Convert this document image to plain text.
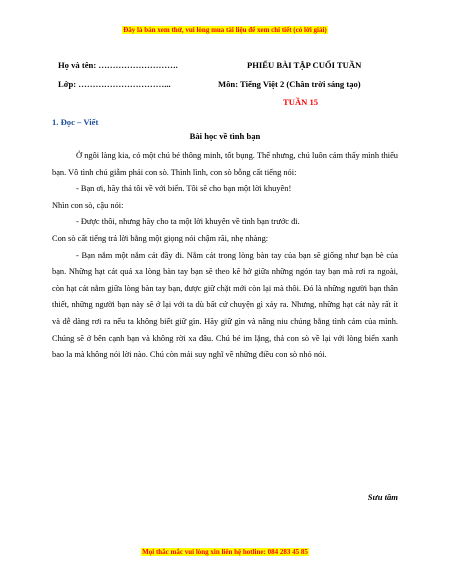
Đây là bản xem thử, vui lòng mua tài liệu để xem chi tiết (có lời giải)
Họ và tên: ……………………….
Lớp: …………………………...
PHIẾU BÀI TẬP CUỐI TUẦN
Môn: Tiếng Việt 2 (Chân trời sáng tạo)
TUẦN 15
1. Đọc – Viết
Bài học về tình bạn

Ở ngôi làng kia, có một chú bé thông minh, tốt bụng. Thế nhưng, chú luôn cảm thấy mình thiếu bạn. Vô tình chú giẫm phải con sò. Thình lình, con sò bỗng cất tiếng nói:

- Bạn ơi, hãy thả tôi về với biển. Tôi sẽ cho bạn một lời khuyên!

Nhìn con sò, cậu nói:

- Được thôi, nhưng hãy cho ta một lời khuyên về tình bạn trước đi.

Con sò cất tiếng trả lời bằng một giọng nói chậm rãi, nhẹ nhàng:

- Bạn nắm một nắm cát đầy đi. Nắm cát trong lòng bàn tay của bạn sẽ giống như bạn bè của bạn. Những hạt cát quá xa lòng bàn tay bạn sẽ theo kẽ hở giữa những ngón tay bạn mà rơi ra ngoài, còn hạt cát nằm giữa lòng bàn tay bạn, được giữ chặt mới còn lại mà thôi. Đó là những người bạn thân thiết, những người bạn này sẽ ở lại với ta dù bất cứ chuyện gì xảy ra. Nhưng, những hạt cát này rất ít và dễ dàng rơi ra nếu ta không biết giữ gìn. Hãy giữ gìn và nâng niu chúng bằng tình cảm của mình. Chúng sẽ ở bên cạnh bạn và không rời xa đâu. Chú bé im lặng, thả con sò về lại với lòng biển xanh bao la mà không nói lời nào. Chú còn mải suy nghĩ về những điều con sò nhỏ nói.

Sưu tầm
Mọi thắc mắc vui lòng xin liên hệ hotline: 084 283 45 85
